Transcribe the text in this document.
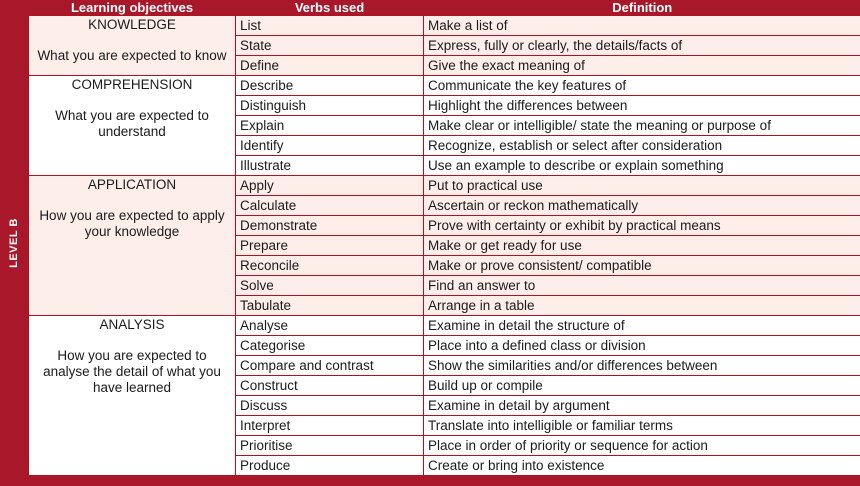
LEVEL B
Learning objectives	Verbs used	Definition

KNOWLEDGE
What you are expected to know	List	Make a list of
	State	Express, fully or clearly, the details/facts of
	Define	Give the exact meaning of

COMPREHENSION
What you are expected to understand	Describe	Communicate the key features of
	Distinguish	Highlight the differences between
	Explain	Make clear or intelligible/ state the meaning or purpose of
	Identify	Recognize, establish or select after consideration
	Illustrate	Use an example to describe or explain something

APPLICATION
How you are expected to apply your knowledge	Apply	Put to practical use
	Calculate	Ascertain or reckon mathematically
	Demonstrate	Prove with certainty or exhibit by practical means
	Prepare	Make or get ready for use
	Reconcile	Make or prove consistent/ compatible
	Solve	Find an answer to
	Tabulate	Arrange in a table

ANALYSIS
How you are expected to analyse the detail of what you have learned	Analyse	Examine in detail the structure of
	Categorise	Place into a defined class or division
	Compare and contrast	Show the similarities and/or differences between
	Construct	Build up or compile
	Discuss	Examine in detail by argument
	Interpret	Translate into intelligible or familiar terms
	Prioritise	Place in order of priority or sequence for action
	Produce	Create or bring into existence
